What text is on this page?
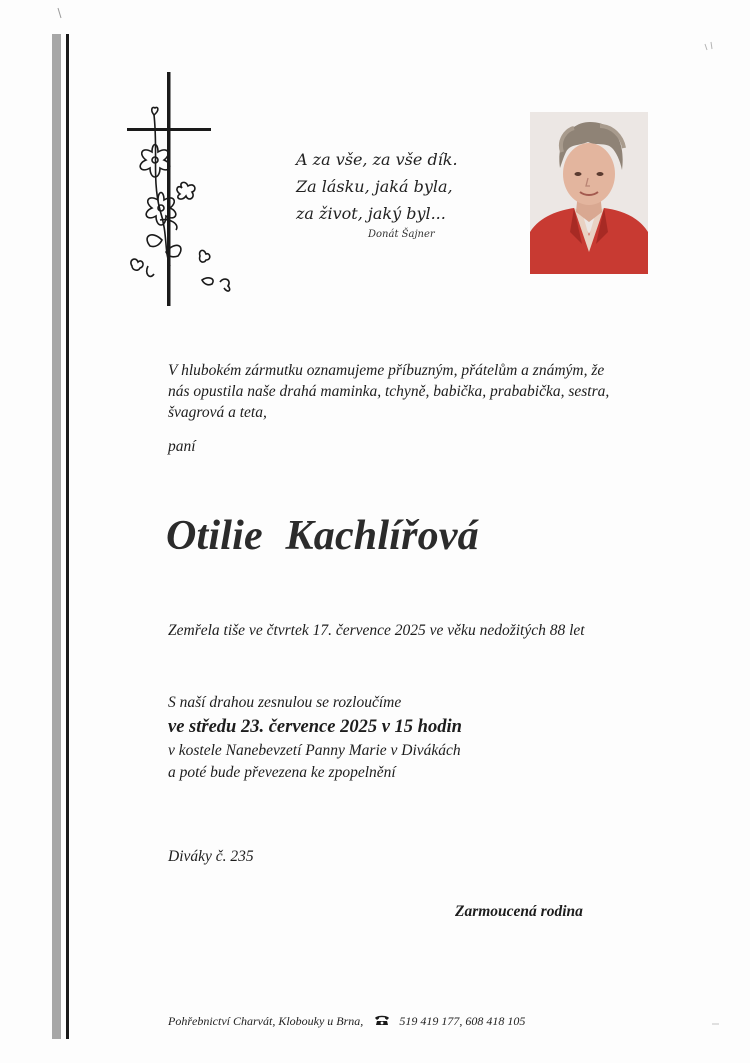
A za vše, za vše dík.
Za lásku, jaká byla,
za život, jaký byl...
Donát Šajner
V hlubokém zármutku oznamujeme příbuzným, přátelům a známým, že nás opustila naše drahá maminka, tchyně, babička, prababička, sestra, švagrová a teta,
paní
Otilie Kachlířová
Zemřela tiše ve čtvrtek 17. července 2025 ve věku nedožitých 88 let
S naší drahou zesnulou se rozloučíme
ve středu 23. července 2025 v 15 hodin
v kostele Nanebevzetí Panny Marie v Divákách
a poté bude převezena ke zpopelnění
Diváky č. 235
Zarmoucená rodina
Pohřebnictví Charvát, Klobouky u Brna,	519 419 177, 608 418 105
